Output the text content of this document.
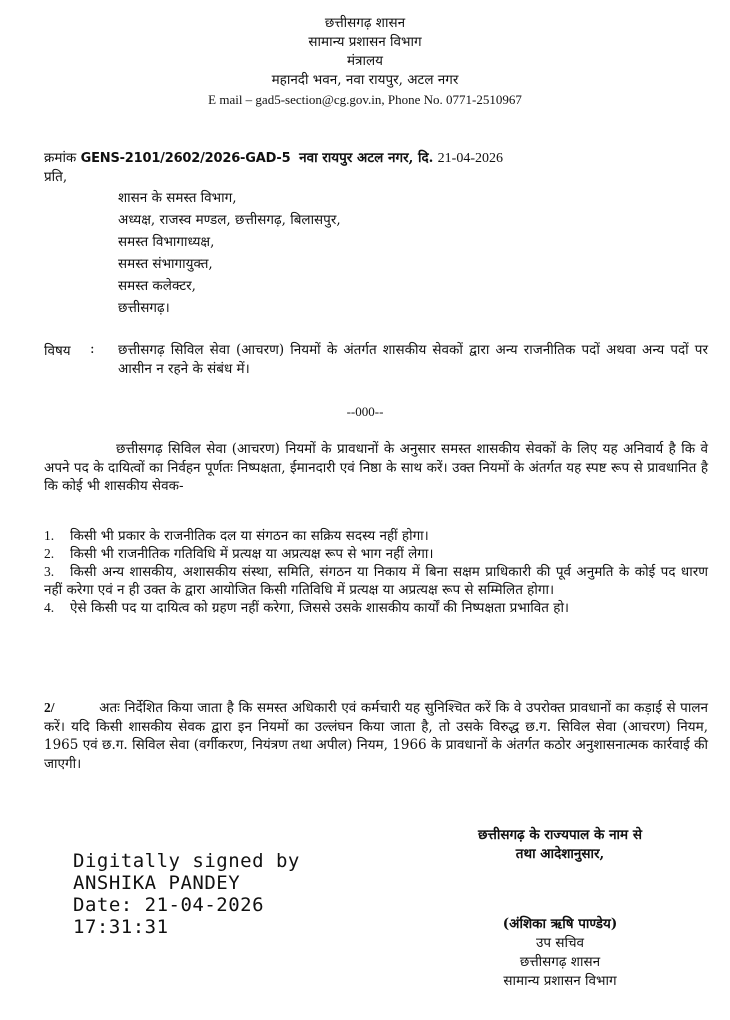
छत्तीसगढ़ शासन
सामान्य प्रशासन विभाग
मंत्रालय
महानदी भवन, नवा रायपुर, अटल नगर
E mail – gad5-section@cg.gov.in, Phone No. 0771-2510967
क्रमांक GENS-2101/2602/2026-GAD-5 नवा रायपुर अटल नगर, दि. 21-04-2026
प्रति,
शासन के समस्त विभाग,
अध्यक्ष, राजस्व मण्डल, छत्तीसगढ़, बिलासपुर,
समस्त विभागाध्यक्ष,
समस्त संभागायुक्त,
समस्त कलेक्टर,
छत्तीसगढ़।
विषय : छत्तीसगढ़ सिविल सेवा (आचरण) नियमों के अंतर्गत शासकीय सेवकों द्वारा अन्य राजनीतिक पदों अथवा अन्य पदों पर आसीन न रहने के संबंध में।
--000--
छत्तीसगढ़ सिविल सेवा (आचरण) नियमों के प्रावधानों के अनुसार समस्त शासकीय सेवकों के लिए यह अनिवार्य है कि वे अपने पद के दायित्वों का निर्वहन पूर्णतः निष्पक्षता, ईमानदारी एवं निष्ठा के साथ करें। उक्त नियमों के अंतर्गत यह स्पष्ट रूप से प्रावधानित है कि कोई भी शासकीय सेवक-
1. किसी भी प्रकार के राजनीतिक दल या संगठन का सक्रिय सदस्य नहीं होगा।
2. किसी भी राजनीतिक गतिविधि में प्रत्यक्ष या अप्रत्यक्ष रूप से भाग नहीं लेगा।
3. किसी अन्य शासकीय, अशासकीय संस्था, समिति, संगठन या निकाय में बिना सक्षम प्राधिकारी की पूर्व अनुमति के कोई पद धारण नहीं करेगा एवं न ही उक्त के द्वारा आयोजित किसी गतिविधि में प्रत्यक्ष या अप्रत्यक्ष रूप से सम्मिलित होगा।
4. ऐसे किसी पद या दायित्व को ग्रहण नहीं करेगा, जिससे उसके शासकीय कार्यों की निष्पक्षता प्रभावित हो।
2/	अतः निर्देशित किया जाता है कि समस्त अधिकारी एवं कर्मचारी यह सुनिश्चित करें कि वे उपरोक्त प्रावधानों का कड़ाई से पालन करें। यदि किसी शासकीय सेवक द्वारा इन नियमों का उल्लंघन किया जाता है, तो उसके विरुद्ध छ.ग. सिविल सेवा (आचरण) नियम, 1965 एवं छ.ग. सिविल सेवा (वर्गीकरण, नियंत्रण तथा अपील) नियम, 1966 के प्रावधानों के अंतर्गत कठोर अनुशासनात्मक कार्रवाई की जाएगी।
छत्तीसगढ़ के राज्यपाल के नाम से
तथा आदेशानुसार,
Digitally signed by
ANSHIKA PANDEY
Date: 21-04-2026
17:31:31	(अंशिका ऋषि पाण्डेय)
उप सचिव
छत्तीसगढ़ शासन
सामान्य प्रशासन विभाग
